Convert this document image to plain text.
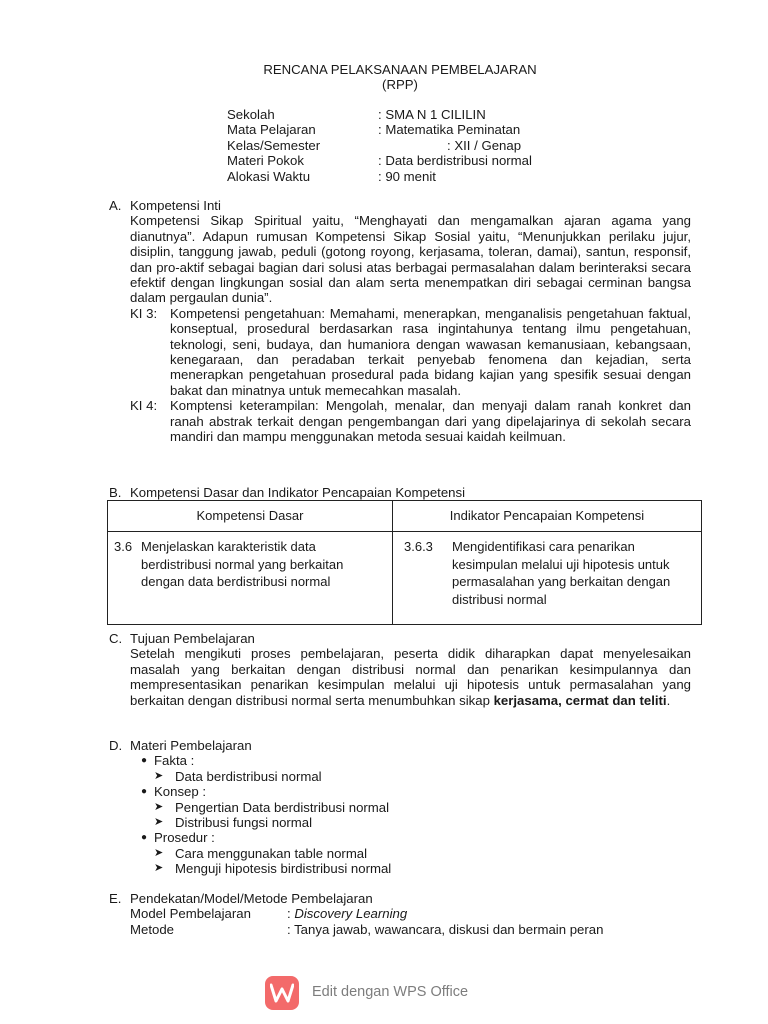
RENCANA PELAKSANAAN PEMBELAJARAN
(RPP)
Sekolah	: SMA N 1 CILILIN
Mata Pelajaran	: Matematika Peminatan
Kelas/Semester	: XII / Genap
Materi Pokok	: Data berdistribusi normal
Alokasi Waktu	: 90 menit
A. Kompetensi Inti
Kompetensi Sikap Spiritual yaitu, “Menghayati dan mengamalkan ajaran agama yang dianutnya”. Adapun rumusan Kompetensi Sikap Sosial yaitu, “Menunjukkan perilaku jujur, disiplin, tanggung jawab, peduli (gotong royong, kerjasama, toleran, damai), santun, responsif, dan pro-aktif sebagai bagian dari solusi atas berbagai permasalahan dalam berinteraksi secara efektif dengan lingkungan sosial dan alam serta menempatkan diri sebagai cerminan bangsa dalam pergaulan dunia”.
KI 3: Kompetensi pengetahuan: Memahami, menerapkan, menganalisis pengetahuan faktual, konseptual, prosedural berdasarkan rasa ingintahunya tentang ilmu pengetahuan, teknologi, seni, budaya, dan humaniora dengan wawasan kemanusiaan, kebangsaan, kenegaraan, dan peradaban terkait penyebab fenomena dan kejadian, serta menerapkan pengetahuan prosedural pada bidang kajian yang spesifik sesuai dengan bakat dan minatnya untuk memecahkan masalah.
KI 4: Komptensi keterampilan: Mengolah, menalar, dan menyaji dalam ranah konkret dan ranah abstrak terkait dengan pengembangan dari yang dipelajarinya di sekolah secara mandiri dan mampu menggunakan metoda sesuai kaidah keilmuan.
B. Kompetensi Dasar dan Indikator Pencapaian Kompetensi
Kompetensi Dasar	Indikator Pencapaian Kompetensi

3.6 Menjelaskan karakteristik data berdistribusi normal yang berkaitan dengan data berdistribusi normal	3.6.3 Mengidentifikasi cara penarikan kesimpulan melalui uji hipotesis untuk permasalahan yang berkaitan dengan distribusi normal
C. Tujuan Pembelajaran
Setelah mengikuti proses pembelajaran, peserta didik diharapkan dapat menyelesaikan masalah yang berkaitan dengan distribusi normal dan penarikan kesimpulannya dan mempresentasikan penarikan kesimpulan melalui uji hipotesis untuk permasalahan yang berkaitan dengan distribusi normal serta menumbuhkan sikap kerjasama, cermat dan teliti.
D. Materi Pembelajaran
● Fakta :
➤ Data berdistribusi normal
● Konsep :
➤ Pengertian Data berdistribusi normal
➤ Distribusi fungsi normal
● Prosedur :
➤ Cara menggunakan table normal
➤ Menguji hipotesis birdistribusi normal
E. Pendekatan/Model/Metode Pembelajaran
Model Pembelajaran	: Discovery Learning
Metode	: Tanya jawab, wawancara, diskusi dan bermain peran
Edit dengan WPS Office
